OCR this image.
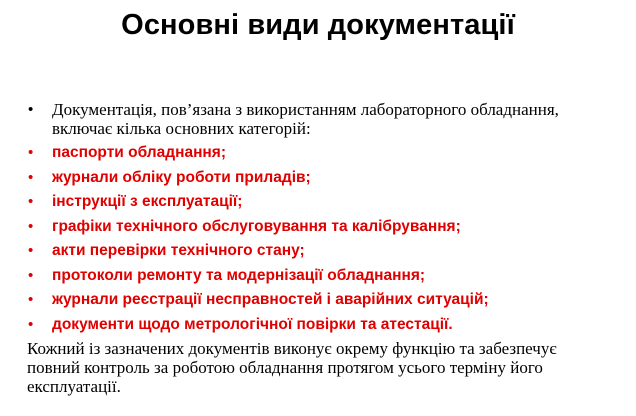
Основні види документації
•	Документація, пов’язана з використанням лабораторного обладнання, включає кілька основних категорій:
•	паспорти обладнання;
•	журнали обліку роботи приладів;
•	інструкції з експлуатації;
•	графіки технічного обслуговування та калібрування;
•	акти перевірки технічного стану;
•	протоколи ремонту та модернізації обладнання;
•	журнали реєстрації несправностей і аварійних ситуацій;
•	документи щодо метрологічної повірки та атестації.
Кожний із зазначених документів виконує окрему функцію та забезпечує повний контроль за роботою обладнання протягом усього терміну його експлуатації.
